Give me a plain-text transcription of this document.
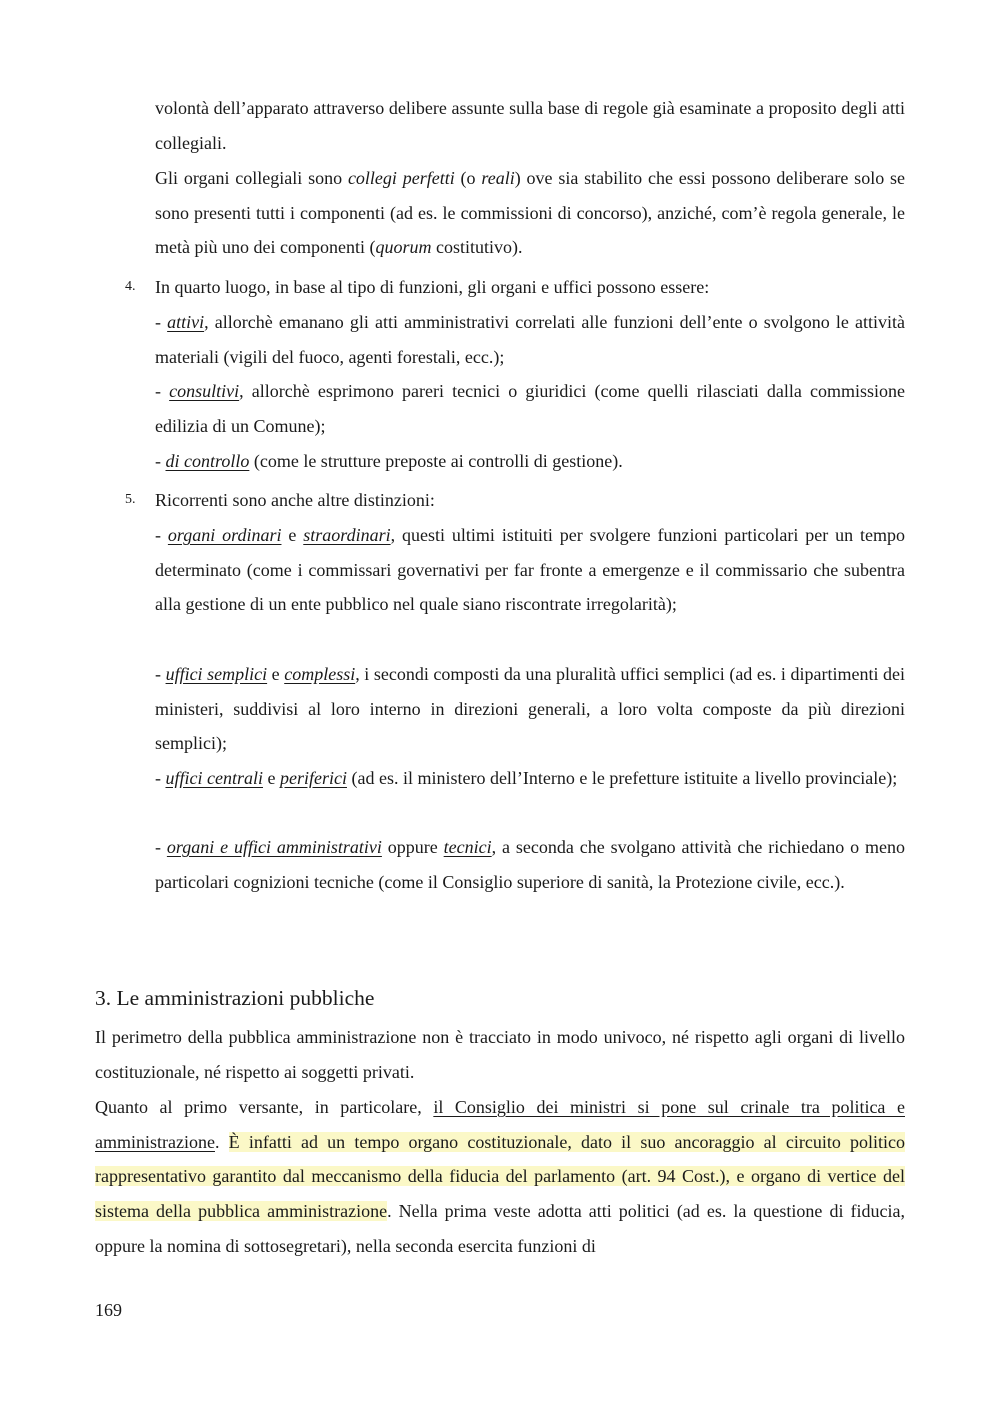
volontà dell’apparato attraverso delibere assunte sulla base di regole già esaminate a proposito degli atti collegiali.

Gli organi collegiali sono collegi perfetti (o reali) ove sia stabilito che essi possono deliberare solo se sono presenti tutti i componenti (ad es. le commissioni di concorso), anziché, com’è regola generale, le metà più uno dei componenti (quorum costitutivo).

4. In quarto luogo, in base al tipo di funzioni, gli organi e uffici possono essere:

- attivi, allorchè emanano gli atti amministrativi correlati alle funzioni dell’ente o svolgono le attività materiali (vigili del fuoco, agenti forestali, ecc.);

- consultivi, allorchè esprimono pareri tecnici o giuridici (come quelli rilasciati dalla commissione edilizia di un Comune);

- di controllo (come le strutture preposte ai controlli di gestione).

5. Ricorrenti sono anche altre distinzioni:

- organi ordinari e straordinari, questi ultimi istituiti per svolgere funzioni particolari per un tempo determinato (come i commissari governativi per far fronte a emergenze e il commissario che subentra alla gestione di un ente pubblico nel quale siano riscontrate irregolarità);

- uffici semplici e complessi, i secondi composti da una pluralità uffici semplici (ad es. i dipartimenti dei ministeri, suddivisi al loro interno in direzioni generali, a loro volta composte da più direzioni semplici);

- uffici centrali e periferici (ad es. il ministero dell’Interno e le prefetture istituite a livello provinciale);

- organi e uffici amministrativi oppure tecnici, a seconda che svolgano attività che richiedano o meno particolari cognizioni tecniche (come il Consiglio superiore di sanità, la Protezione civile, ecc.).

3. Le amministrazioni pubbliche

Il perimetro della pubblica amministrazione non è tracciato in modo univoco, né rispetto agli organi di livello costituzionale, né rispetto ai soggetti privati.

Quanto al primo versante, in particolare, il Consiglio dei ministri si pone sul crinale tra politica e amministrazione. È infatti ad un tempo organo costituzionale, dato il suo ancoraggio al circuito politico rappresentativo garantito dal meccanismo della fiducia del parlamento (art. 94 Cost.), e organo di vertice del sistema della pubblica amministrazione. Nella prima veste adotta atti politici (ad es. la questione di fiducia, oppure la nomina di sottosegretari), nella seconda esercita funzioni di

169
